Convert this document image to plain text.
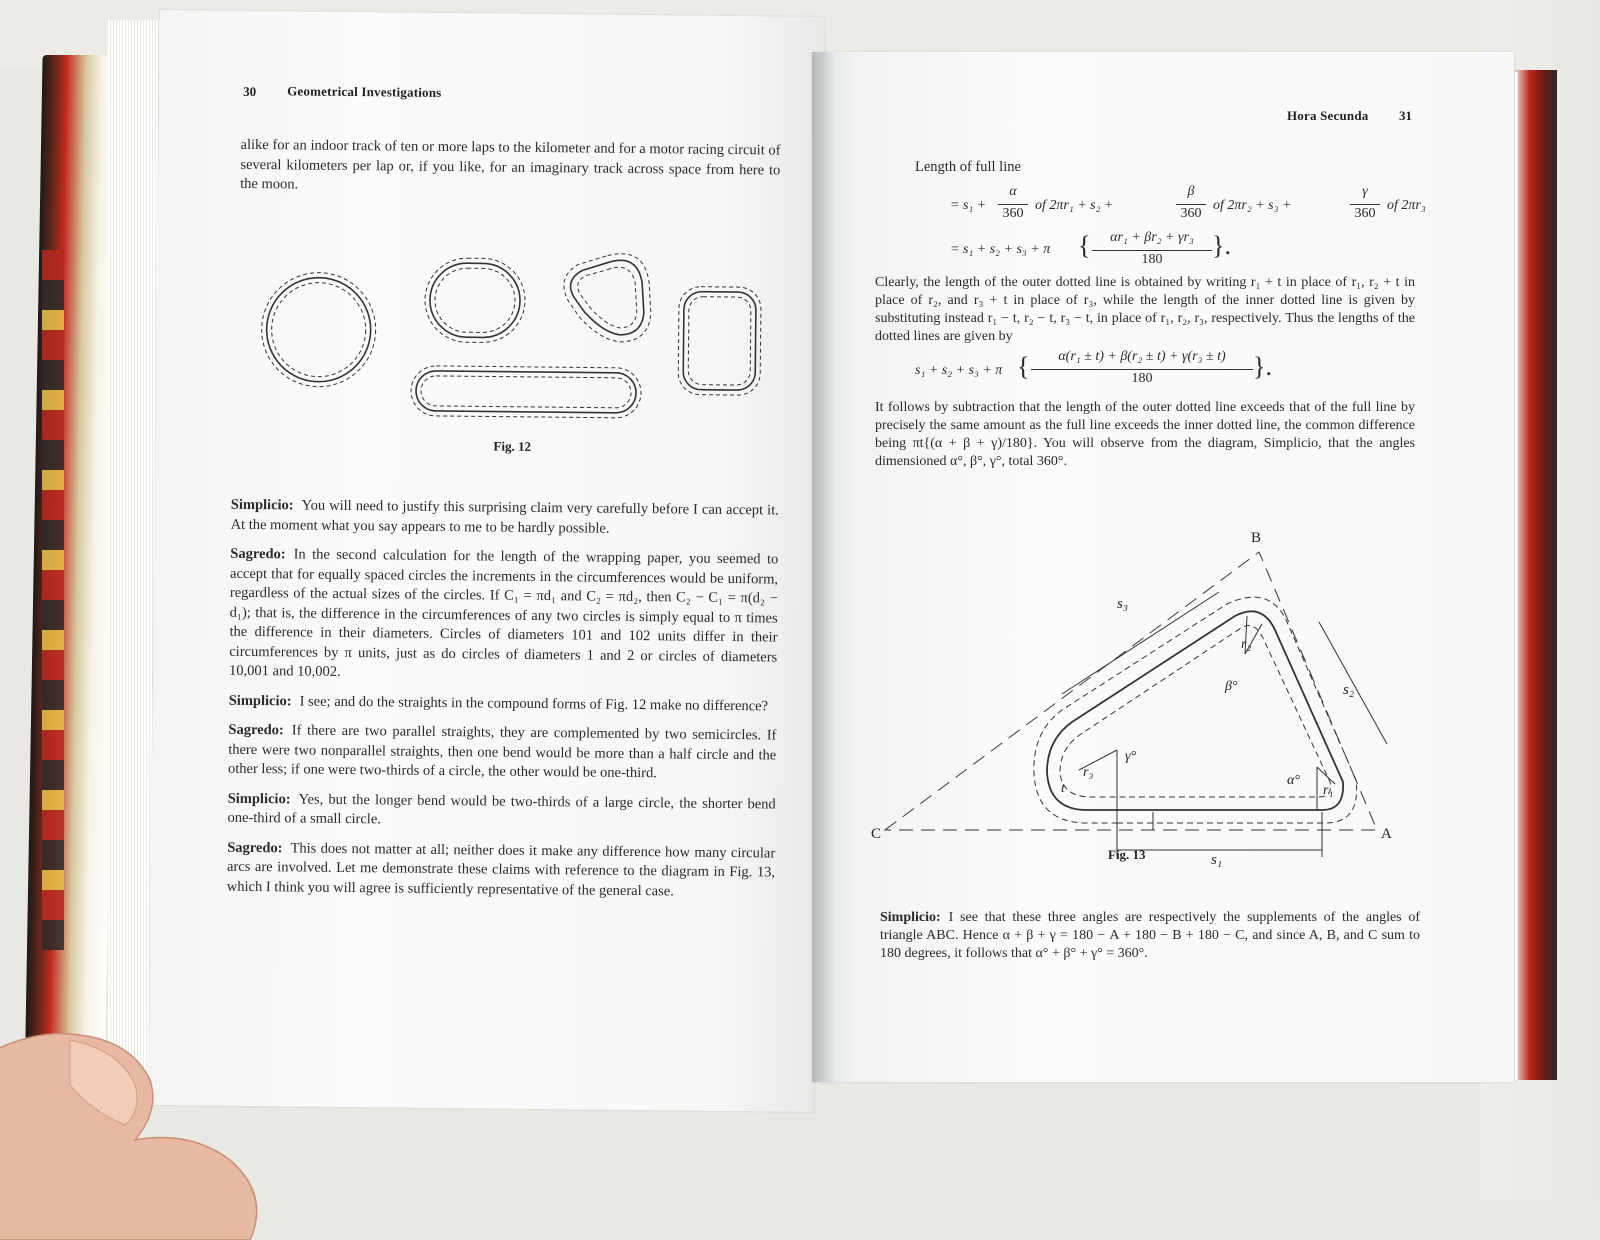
30 Geometrical Investigations
alike for an indoor track of ten or more laps to the kilometer and for a motor racing circuit of several kilometers per lap or, if you like, for an imaginary track across space from here to the moon.
Fig. 12

Simplicio: You will need to justify this surprising claim very carefully before I can accept it. At the moment what you say appears to me to be hardly possible.

Sagredo: In the second calculation for the length of the wrapping paper, you seemed to accept that for equally spaced circles the increments in the circumferences would be uniform, regardless of the actual sizes of the circles. If C₁ = πd₁ and C₂ = πd₂, then C₂ − C₁ = π(d₂ − d₁); that is, the difference in the circumferences of any two circles is simply equal to π times the difference in their diameters. Circles of diameters 101 and 102 units differ in their circumferences by π units, just as do circles of diameters 1 and 2 or circles of diameters 10,001 and 10,002.

Simplicio: I see; and do the straights in the compound forms of Fig. 12 make no difference?

Sagredo: If there are two parallel straights, they are complemented by two semicircles. If there were two nonparallel straights, then one bend would be more than a half circle and the other less; if one were two-thirds of a circle, the other would be one-third.

Simplicio: Yes, but the longer bend would be two-thirds of a large circle, the shorter bend one-third of a small circle.

Sagredo: This does not matter at all; neither does it make any difference how many circular arcs are involved. Let me demonstrate these claims with reference to the diagram in Fig. 13, which I think you will agree is sufficiently representative of the general case.

Hora Secunda 31
Length of full line
= s₁ +
α
360
of 2πr₁ + s₂ +
β
360
of 2πr₂ + s₃ +
γ
360
of 2πr₃
= s₁ + s₂ + s₃ + π {	αr₁ + βr₂ + γr₃
180	}.
Clearly, the length of the outer dotted line is obtained by writing r₁ + t in place of r₁, r₂ + t in place of r₂, and r₃ + t in place of r₃, while the length of the inner dotted line is given by substituting instead r₁ − t, r₂ − t, r₃ − t, in place of r₁, r₂, r₃, respectively. Thus the lengths of the dotted lines are given by
s₁ + s₂ + s₃ + π {	α(r₁ ± t) + β(r₂ ± t) + γ(r₃ ± t)
180	}.
It follows by subtraction that the length of the outer dotted line exceeds that of the full line by precisely the same amount as the full line exceeds the inner dotted line, the common difference being πt{(α + β + γ)/180}. You will observe from the diagram, Simplicio, that the angles dimensioned α°, β°, γ°, total 360°.
B
C	A
s₁
s₂
s₃
r₁
r₂
r₃
t
α°
β°
γ°
Fig. 13
Simplicio: I see that these three angles are respectively the supplements of the angles of triangle ABC. Hence α + β + γ = 180 − A + 180 − B + 180 − C, and since A, B, and C sum to 180 degrees, it follows that α° + β° + γ° = 360°.
